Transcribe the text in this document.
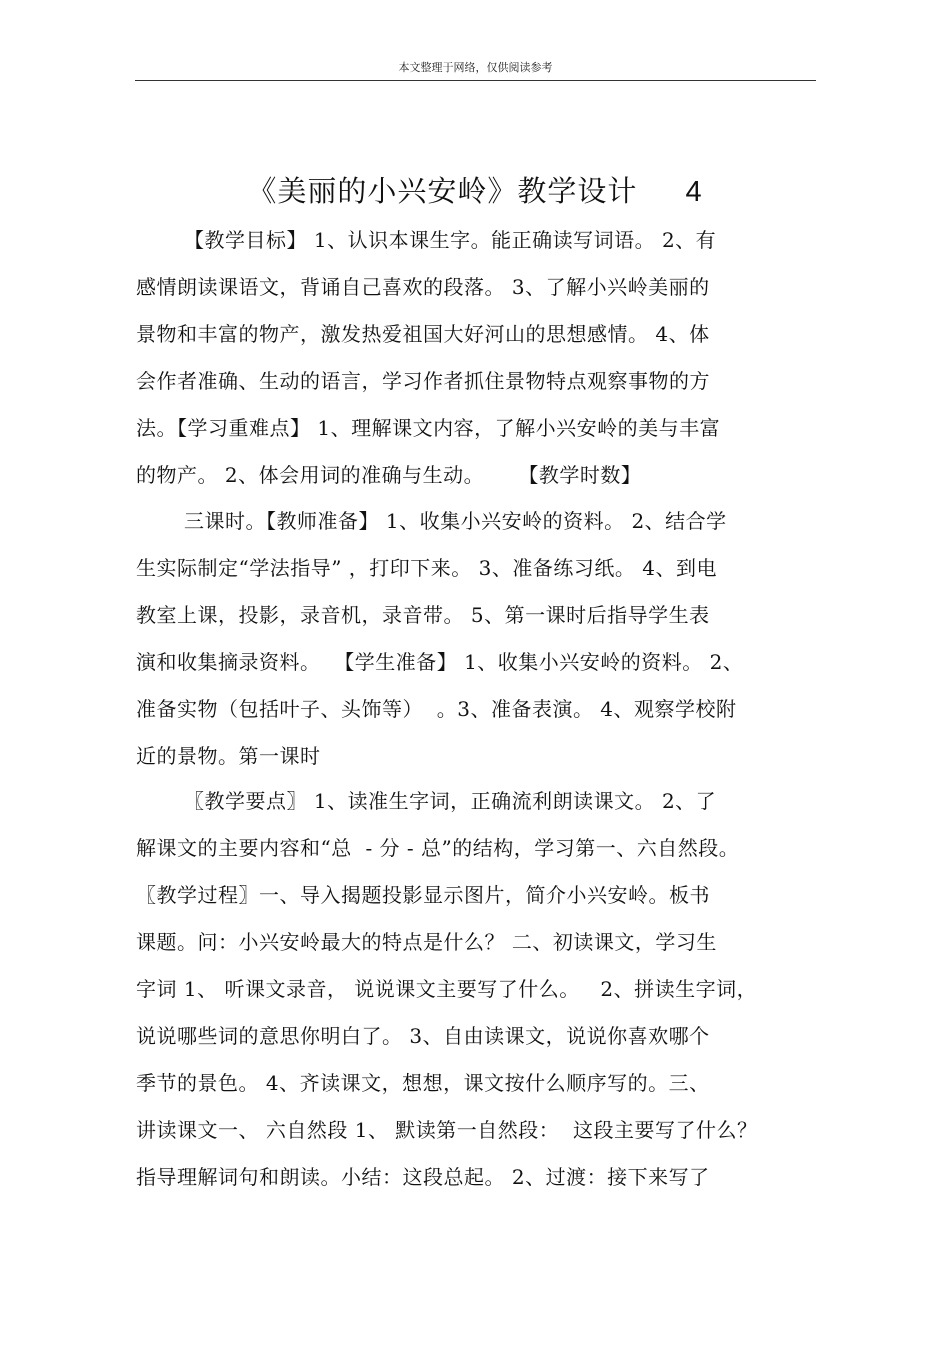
本文整理于网络，仅供阅读参考
《美丽的小兴安岭》教学设计 4
【教学目标】 1、认识本课生字。能正确读写词语。 2、有
感情朗读课语文，背诵自己喜欢的段落。 3、了解小兴岭美丽的
景物和丰富的物产，激发热爱祖国大好河山的思想感情。 4、体
会作者准确、生动的语言，学习作者抓住景物特点观察事物的方
法。【学习重难点】 1、理解课文内容，了解小兴安岭的美与丰富
的物产。 2、体会用词的准确与生动。     【教学时数】
三课时。【教师准备】 1、收集小兴安岭的资料。 2、结合学
生实际制定“学法指导” ，打印下来。 3、准备练习纸。 4、到电
教室上课，投影，录音机，录音带。 5、第一课时后指导学生表
演和收集摘录资料。  【学生准备】 1、收集小兴安岭的资料。 2、
准备实物（包括叶子、头饰等）  。3、准备表演。 4、观察学校附
近的景物。第一课时
〖教学要点〗 1、读准生字词，正确流利朗读课文。 2、了
解课文的主要内容和“总  - 分 - 总”的结构，学习第一、六自然段。
〖教学过程〗一、导入揭题投影显示图片，简介小兴安岭。板书
课题。问：小兴安岭最大的特点是什么？ 二、初读课文，学习生
字词 1、 听课文录音， 说说课文主要写了什么。   2、拼读生字词，
说说哪些词的意思你明白了。 3、自由读课文，说说你喜欢哪个
季节的景色。 4、齐读课文，想想，课文按什么顺序写的。三、
讲读课文一、 六自然段 1、 默读第一自然段：  这段主要写了什么？
指导理解词句和朗读。小结：这段总起。 2、过渡：接下来写了
